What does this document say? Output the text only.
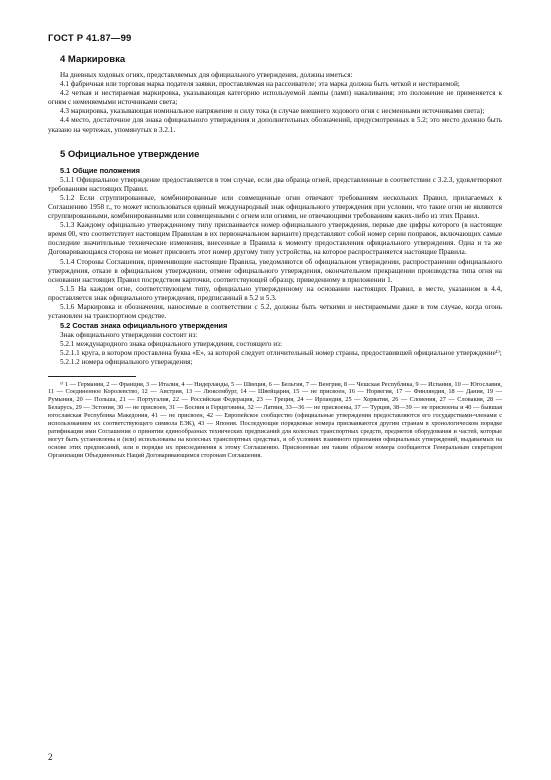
ГОСТ Р 41.87—99
4 Маркировка

На дневных ходовых огнях, представляемых для официального утверждения, должны иметься:

4.1 фабричная или торговая марка подателя заявки, проставляемая на рассеивателе; эта марка должна быть четкой и нестираемой;

4.2 четкая и нестираемая маркировка, указывающая категорию используемой лампы (ламп) накаливания; это положение не применяется к огням с неменяемыми источниками света;

4.3 маркировка, указывающая номинальное напряжение и силу тока (в случае внешнего ходового огня с несменными источниками света);

4.4 место, достаточное для знака официального утверждения и дополнительных обозначений, предусмотренных в 5.2; это место должно быть указано на чертежах, упомянутых в 3.2.1.

5 Официальное утверждение
5.1 Общие положения

5.1.1 Официальное утверждение предоставляется в том случае, если два образца огней, представленные в соответствии с 3.2.3, удовлетворяют требованиям настоящих Правил.

5.1.2 Если сгруппированные, комбинированные или совмещенные огни отвечают требованиям нескольких Правил, прилагаемых к Соглашению 1958 г., то может использоваться единый международный знак официального утверждения при условии, что такие огни не являются сгруппированными, комбинированными или совмещенными с огнем или огнями, не отвечающими требованиям каких-либо из этих Правил.

5.1.3 Каждому официально утвержденному типу присваивается номер официального утверждения, первые две цифры которого (в настоящее время 00, что соответствует настоящим Правилам в их первоначальном варианте) представляют собой номер серии поправок, включающих самые последние значительные технические изменения, внесенные в Правила к моменту предоставления официального утверждения. Одна и та же Договаривающаяся сторона не может присвоить этот номер другому типу устройства, на которое распространяется настоящие Правила.

5.1.4 Стороны Соглашения, применяющие настоящие Правила, уведомляются об официальном утверждении, распространении официального утверждения, отказе в официальном утверждении, отмене официального утверждения, окончательном прекращении производства типа огня на основании настоящих Правил посредством карточки, соответствующей образцу, приведенному в приложении 1.

5.1.5 На каждом огне, соответствующем типу, официально утвержденному на основании настоящих Правил, в месте, указанном в 4.4, проставляется знак официального утверждения, предписанный в 5.2 и 5.3.

5.1.6 Маркировка и обозначения, наносимые в соответствии с 5.2, должны быть четкими и нестираемыми даже в том случае, когда огонь установлен на транспортном средстве.

5.2 Состав знака официального утверждения

Знак официального утверждения состоит из:

5.2.1 международного знака официального утверждения, состоящего из:

5.2.1.1 круга, в котором проставлена буква «Е», за которой следует отличительный номер страны, предоставившей официальное утверждение¹⁾;

5.2.1.2 номера официального утверждения;

¹⁾ 1 — Германия, 2 — Франция, 3 — Италия, 4 — Нидерланды, 5 — Швеция, 6 — Бельгия, 7 — Венгрия, 8 — Чешская Республика, 9 — Испания, 10 — Югославия, 11 — Соединенное Королевство, 12 — Австрия, 13 — Люксембург, 14 — Швейцария, 15 — не присвоен, 16 — Норвегия, 17 — Финляндия, 18 — Дания, 19 — Румыния, 20 — Польша, 21 — Португалия, 22 — Российская Федерация, 23 — Греция, 24 — Ирландия, 25 — Хорватия, 26 — Словения, 27 — Словакия, 28 — Беларусь, 29 — Эстония, 30 — не присвоен, 31 — Босния и Герцеговина, 32 — Латвия, 33—36 — не присвоены, 37 — Турция, 38—39 — не присвоены и 40 — бывшая югославская Республика Македония, 41 — не присвоен, 42 — Европейское сообщество (официальные утверждения предоставляются его государствами-членами с использованием их соответствующего символа ЕЭК), 43 — Япония. Последующие порядковые номера присваиваются другим странам в хронологическом порядке ратификации ими Соглашения о принятии единообразных технических предписаний для колесных транспортных средств, предметов оборудования и частей, которые могут быть установлены и (или) использованы на колесных транспортных средствах, и об условиях взаимного признания официальных утверждений, выдаваемых на основе этих предписаний, или в порядке их присоединения к этому Соглашению. Присвоенные им таким образом номера сообщаются Генеральным секретарем Организации Объединенных Наций Договаривающимся сторонам Соглашения.

2
